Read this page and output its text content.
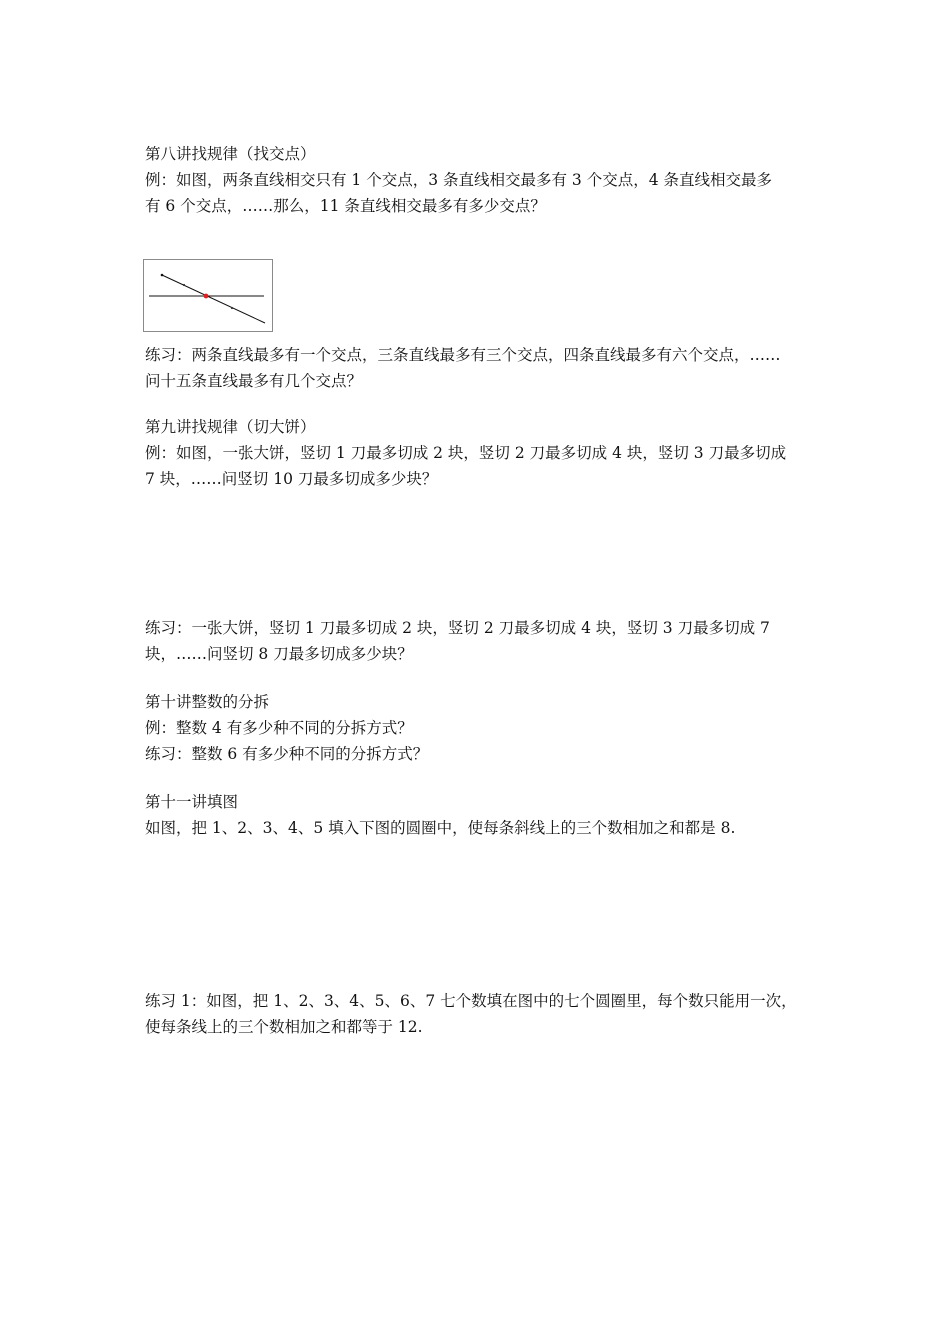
第八讲找规律（找交点）
例：如图，两条直线相交只有 1 个交点，3 条直线相交最多有 3 个交点，4 条直线相交最多
有 6 个交点，……那么，11 条直线相交最多有多少交点？
练习：两条直线最多有一个交点，三条直线最多有三个交点，四条直线最多有六个交点，……
问十五条直线最多有几个交点？
第九讲找规律（切大饼）
例：如图，一张大饼，竖切 1 刀最多切成 2 块，竖切 2 刀最多切成 4 块，竖切 3 刀最多切成
7 块，……问竖切 10 刀最多切成多少块？
练习：一张大饼，竖切 1 刀最多切成 2 块，竖切 2 刀最多切成 4 块，竖切 3 刀最多切成 7
块，……问竖切 8 刀最多切成多少块？
第十讲整数的分拆
例：整数 4 有多少种不同的分拆方式？
练习：整数 6 有多少种不同的分拆方式？
第十一讲填图
如图，把 1、2、3、4、5 填入下图的圆圈中，使每条斜线上的三个数相加之和都是 8.
练习 1：如图，把 1、2、3、4、5、6、7 七个数填在图中的七个圆圈里，每个数只能用一次，
使每条线上的三个数相加之和都等于 12.
